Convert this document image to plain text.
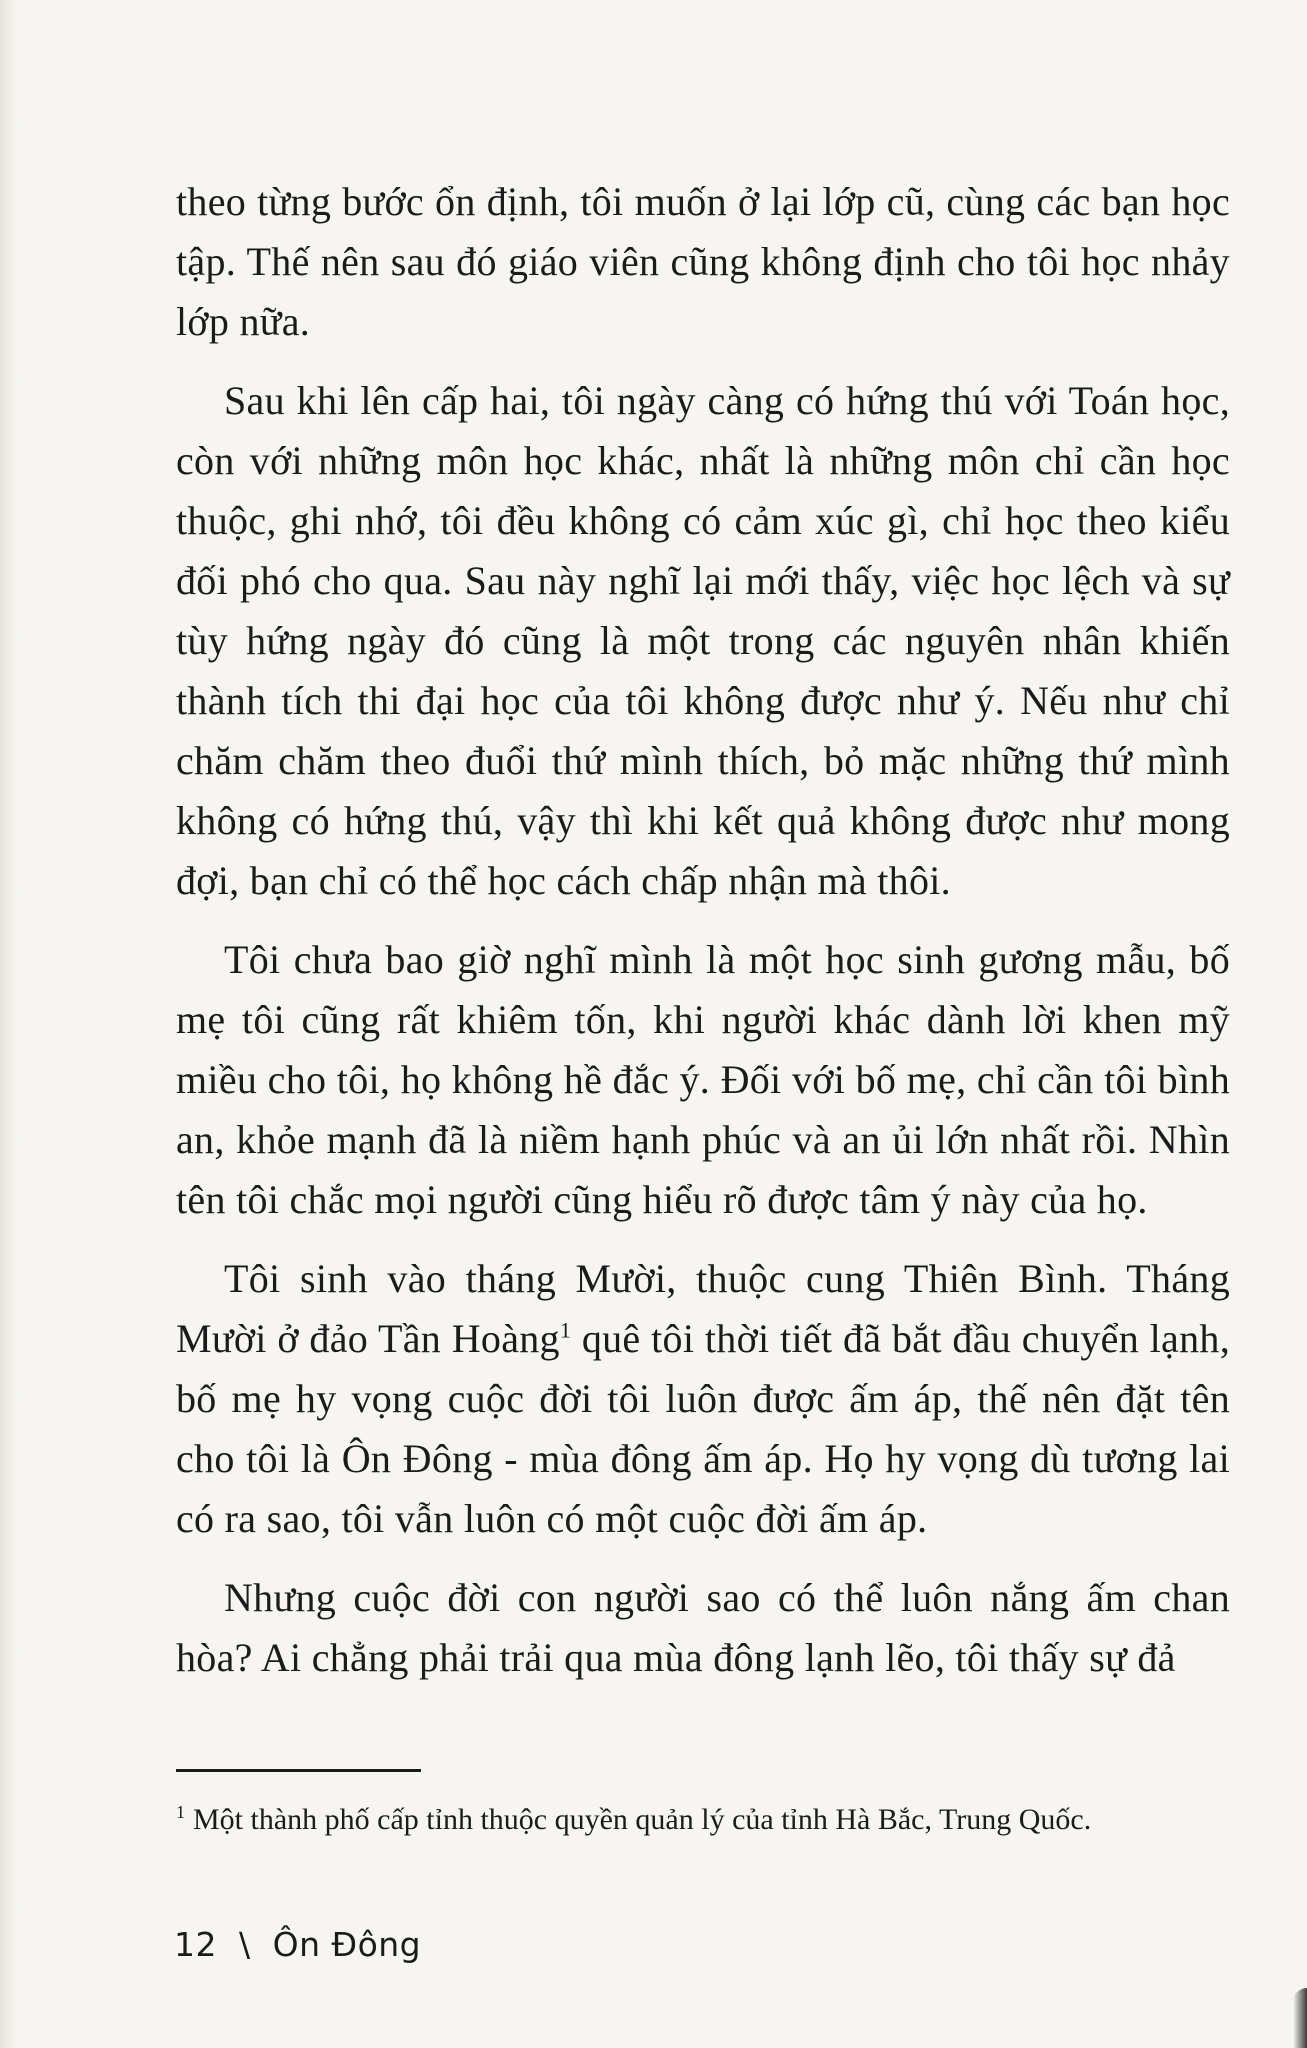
theo từng bước ổn định, tôi muốn ở lại lớp cũ, cùng các bạn học tập. Thế nên sau đó giáo viên cũng không định cho tôi học nhảy lớp nữa.

Sau khi lên cấp hai, tôi ngày càng có hứng thú với Toán học, còn với những môn học khác, nhất là những môn chỉ cần học thuộc, ghi nhớ, tôi đều không có cảm xúc gì, chỉ học theo kiểu đối phó cho qua. Sau này nghĩ lại mới thấy, việc học lệch và sự tùy hứng ngày đó cũng là một trong các nguyên nhân khiến thành tích thi đại học của tôi không được như ý. Nếu như chỉ chăm chăm theo đuổi thứ mình thích, bỏ mặc những thứ mình không có hứng thú, vậy thì khi kết quả không được như mong đợi, bạn chỉ có thể học cách chấp nhận mà thôi.

Tôi chưa bao giờ nghĩ mình là một học sinh gương mẫu, bố mẹ tôi cũng rất khiêm tốn, khi người khác dành lời khen mỹ miều cho tôi, họ không hề đắc ý. Đối với bố mẹ, chỉ cần tôi bình an, khỏe mạnh đã là niềm hạnh phúc và an ủi lớn nhất rồi. Nhìn tên tôi chắc mọi người cũng hiểu rõ được tâm ý này của họ.

Tôi sinh vào tháng Mười, thuộc cung Thiên Bình. Tháng Mười ở đảo Tần Hoàng$^1$ quê tôi thời tiết đã bắt đầu chuyển lạnh, bố mẹ hy vọng cuộc đời tôi luôn được ấm áp, thế nên đặt tên cho tôi là Ôn Đông - mùa đông ấm áp. Họ hy vọng dù tương lai có ra sao, tôi vẫn luôn có một cuộc đời ấm áp.

Nhưng cuộc đời con người sao có thể luôn nắng ấm chan hòa? Ai chẳng phải trải qua mùa đông lạnh lẽo, tôi thấy sự đả

$^1$ Một thành phố cấp tỉnh thuộc quyền quản lý của tỉnh Hà Bắc, Trung Quốc.
12 \ Ôn Đông
